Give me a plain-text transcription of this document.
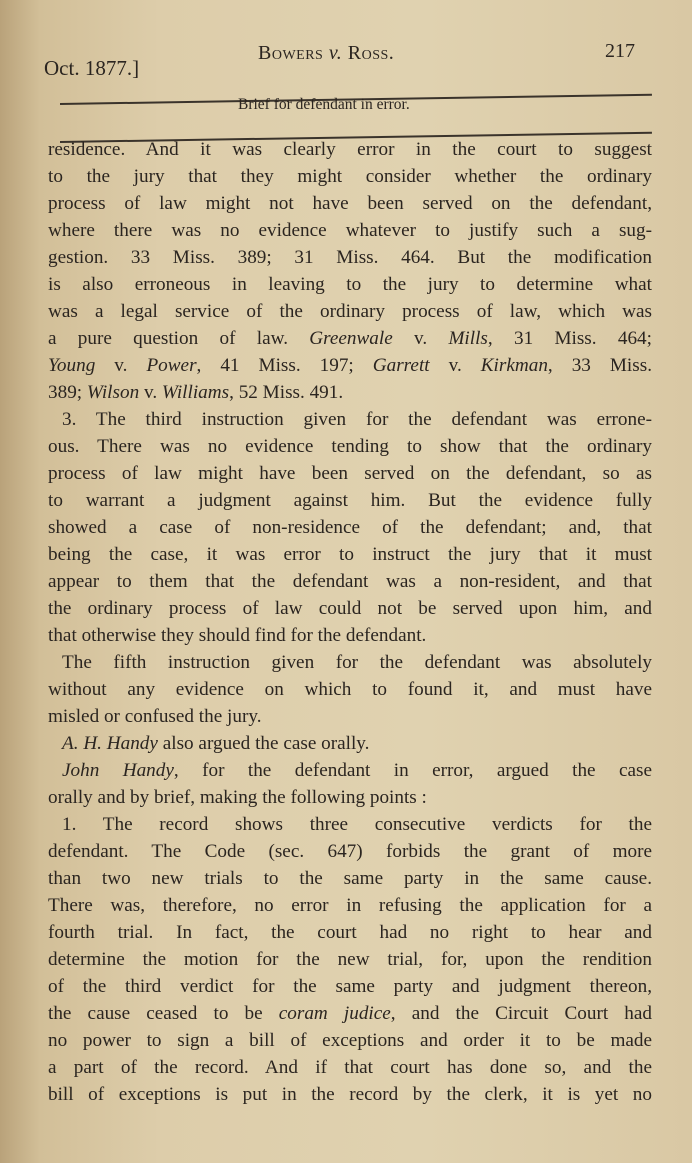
Oct. 1877.]
Bowers v. Ross.	217
Brief for defendant in error.
residence. And it was clearly error in the court to suggest
to the jury that they might consider whether the ordinary
process of law might not have been served on the defendant,
where there was no evidence whatever to justify such a sug-
gestion. 33 Miss. 389; 31 Miss. 464. But the modification
is also erroneous in leaving to the jury to determine what
was a legal service of the ordinary process of law, which was
a pure question of law. Greenwale v. Mills, 31 Miss. 464;
Young v. Power, 41 Miss. 197; Garrett v. Kirkman, 33 Miss.
389; Wilson v. Williams, 52 Miss. 491.
3. The third instruction given for the defendant was errone-
ous. There was no evidence tending to show that the ordinary
process of law might have been served on the defendant, so as
to warrant a judgment against him. But the evidence fully
showed a case of non-residence of the defendant; and, that
being the case, it was error to instruct the jury that it must
appear to them that the defendant was a non-resident, and that
the ordinary process of law could not be served upon him, and
that otherwise they should find for the defendant.
The fifth instruction given for the defendant was absolutely
without any evidence on which to found it, and must have
misled or confused the jury.
A. H. Handy also argued the case orally.
John Handy, for the defendant in error, argued the case
orally and by brief, making the following points :
1. The record shows three consecutive verdicts for the
defendant. The Code (sec. 647) forbids the grant of more
than two new trials to the same party in the same cause.
There was, therefore, no error in refusing the application for a
fourth trial. In fact, the court had no right to hear and
determine the motion for the new trial, for, upon the rendition
of the third verdict for the same party and judgment thereon,
the cause ceased to be coram judice, and the Circuit Court had
no power to sign a bill of exceptions and order it to be made
a part of the record. And if that court has done so, and the
bill of exceptions is put in the record by the clerk, it is yet no
